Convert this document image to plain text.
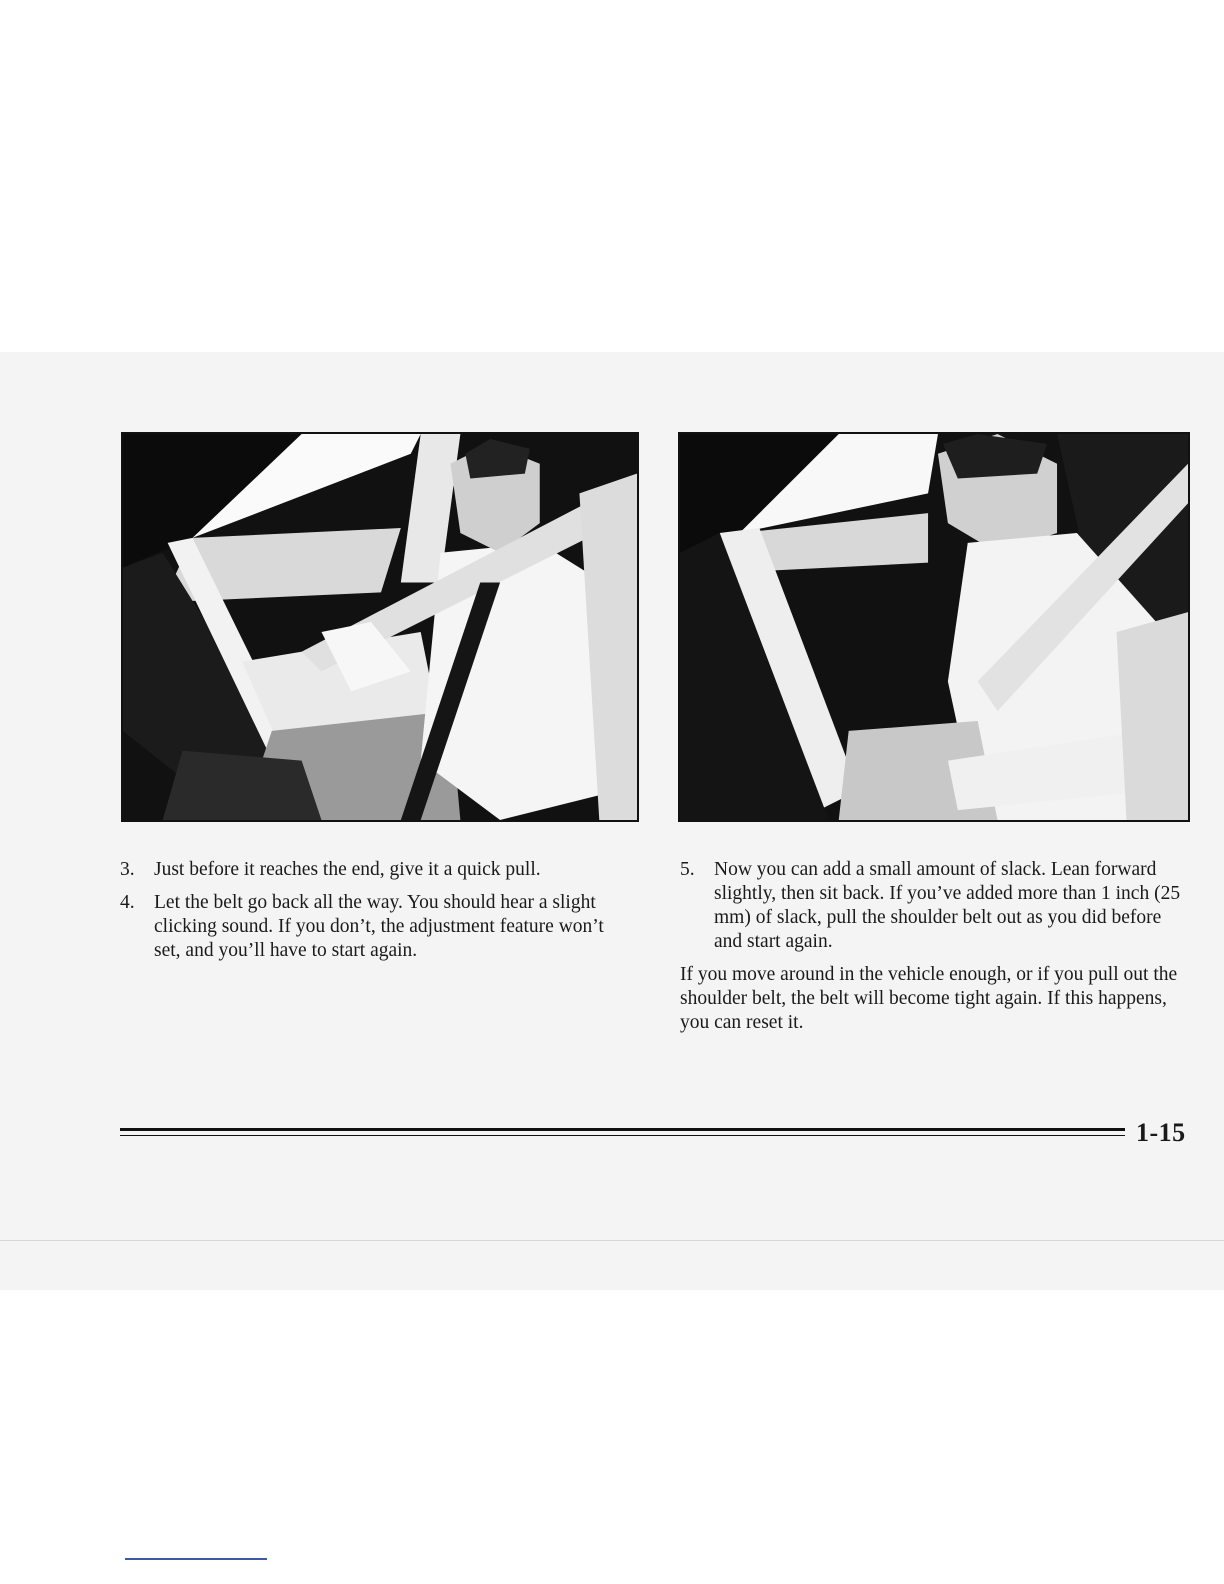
3. Just before it reaches the end, give it a quick pull.
4. Let the belt go back all the way. You should hear a slight clicking sound. If you don’t, the adjustment feature won’t set, and you’ll have to start again.
5. Now you can add a small amount of slack. Lean forward slightly, then sit back. If you’ve added more than 1 inch (25 mm) of slack, pull the shoulder belt out as you did before and start again.
If you move around in the vehicle enough, or if you pull out the shoulder belt, the belt will become tight again. If this happens, you can reset it.
1-15
